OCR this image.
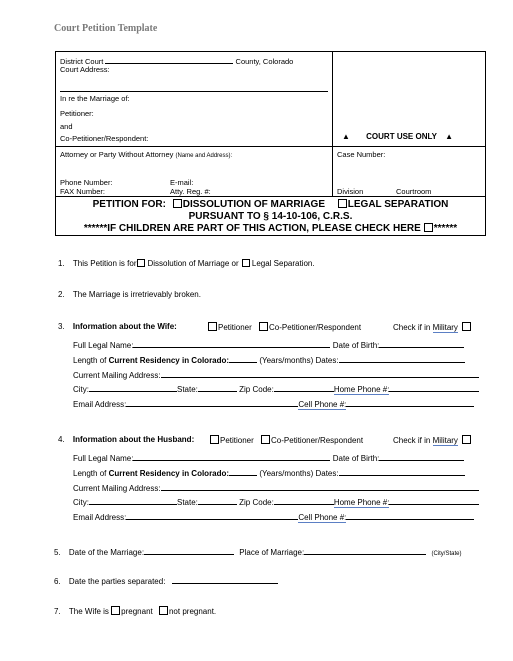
Court Petition Template
District Court	County, Colorado
Court Address:
In re the Marriage of:
Petitioner:
and
Co-Petitioner/Respondent:	▲ COURT USE ONLY ▲
Attorney or Party Without Attorney (Name and Address):	Case Number:
Phone Number:	E-mail:
FAX Number:	Atty. Reg. #:	Division	Courtroom
PETITION FOR: DISSOLUTION OF MARRIAGE LEGAL SEPARATION
PURSUANT TO § 14-10-106, C.R.S.
******IF CHILDREN ARE PART OF THIS ACTION, PLEASE CHECK HERE ******
1. This Petition is for Dissolution of Marriage or Legal Separation.
2. The Marriage is irretrievably broken.
3. Information about the Wife:	Petitioner Co-Petitioner/Respondent	Check if in Military
Full Legal Name:	Date of Birth:
Length of Current Residency in Colorado:	(Years/months) Dates:
Current Mailing Address:
City:	State:	Zip Code:	Home Phone #:
Email Address:	Cell Phone #:
4. Information about the Husband:	Petitioner Co-Petitioner/Respondent	Check if in Military
Full Legal Name:	Date of Birth:
Length of Current Residency in Colorado:	(Years/months) Dates:
Current Mailing Address:
City:	State:	Zip Code:	Home Phone #:
Email Address:	Cell Phone #:
5. Date of the Marriage:	Place of Marriage:	(City/State)
6. Date the parties separated:
7. The Wife is pregnant not pregnant.
